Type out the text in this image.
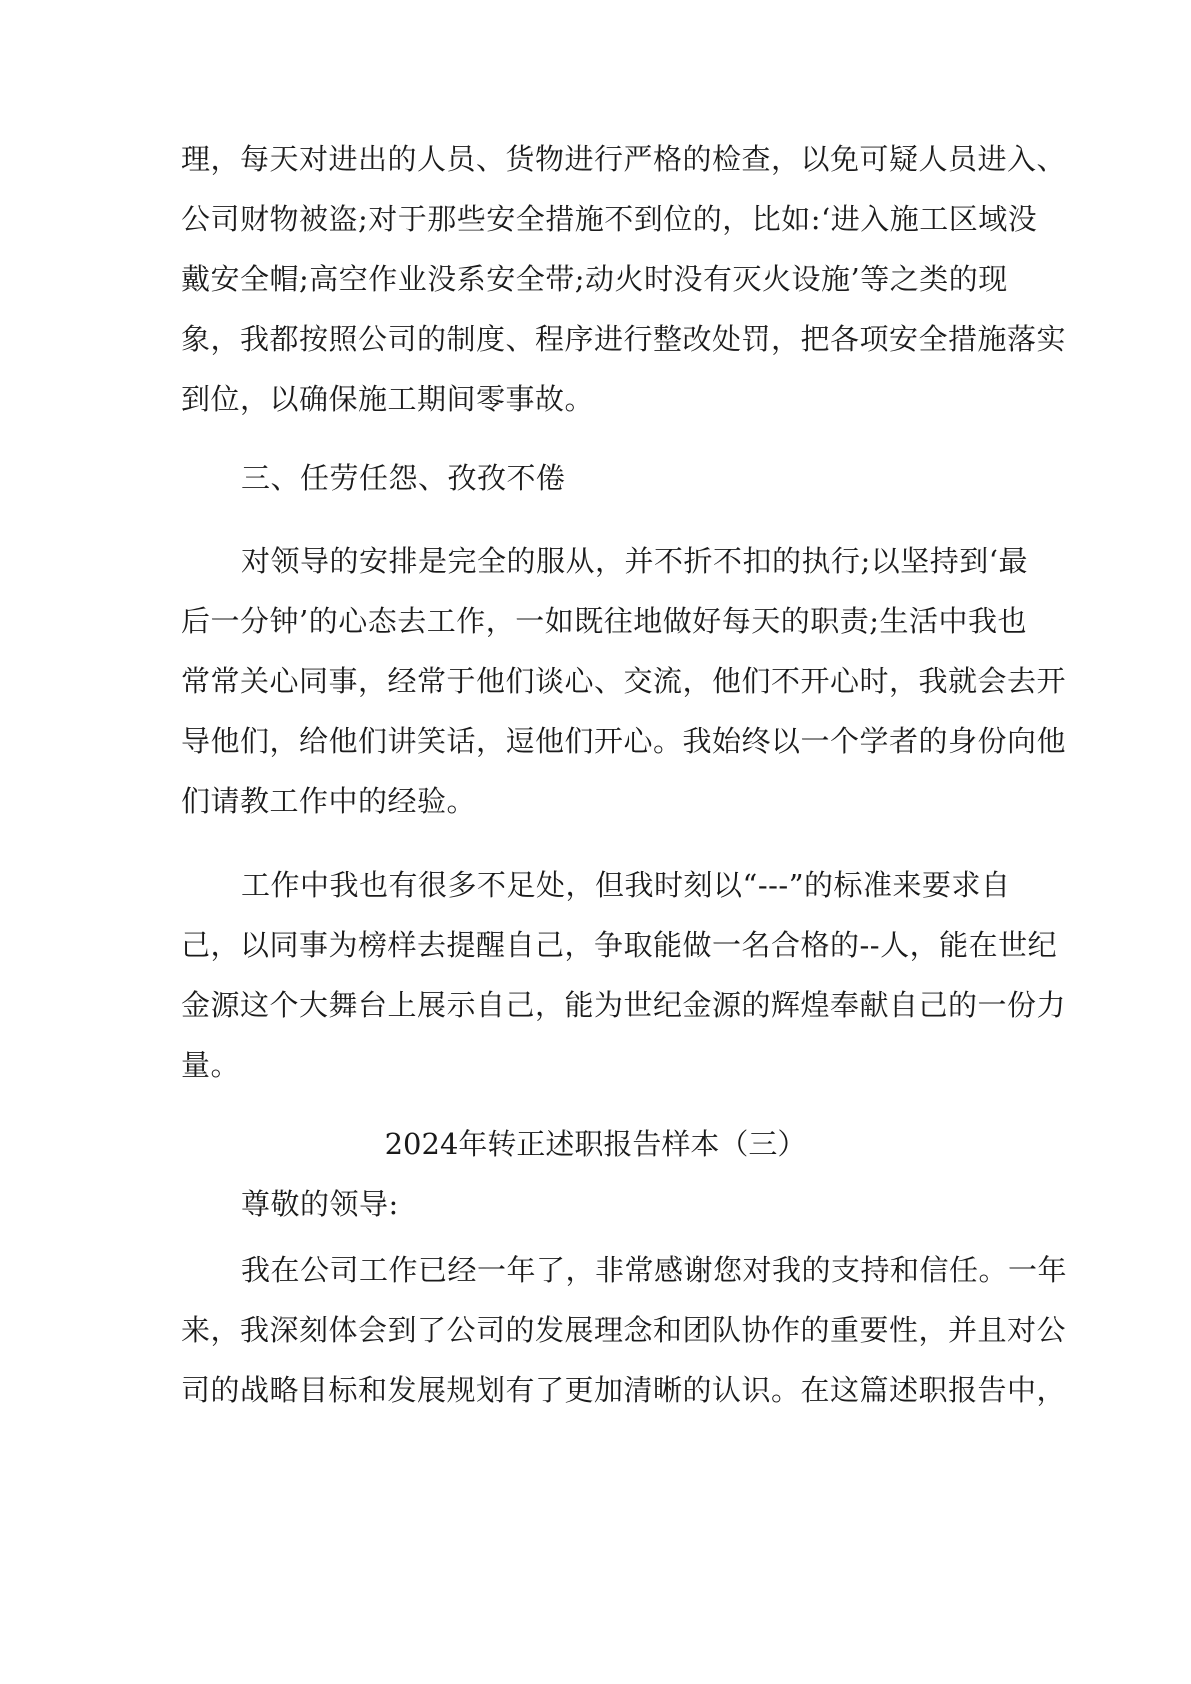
理，每天对进出的人员、货物进行严格的检查，以免可疑人员进入、
公司财物被盗;对于那些安全措施不到位的，比如:‘进入施工区域没
戴安全帽;高空作业没系安全带;动火时没有灭火设施’等之类的现
象，我都按照公司的制度、程序进行整改处罚，把各项安全措施落实
到位，以确保施工期间零事故。
三、任劳任怨、孜孜不倦
对领导的安排是完全的服从，并不折不扣的执行;以坚持到‘最
后一分钟’的心态去工作，一如既往地做好每天的职责;生活中我也
常常关心同事，经常于他们谈心、交流，他们不开心时，我就会去开
导他们，给他们讲笑话，逗他们开心。我始终以一个学者的身份向他
们请教工作中的经验。
工作中我也有很多不足处，但我时刻以“---”的标准来要求自
己，以同事为榜样去提醒自己，争取能做一名合格的--人，能在世纪
金源这个大舞台上展示自己，能为世纪金源的辉煌奉献自己的一份力
量。
2024年转正述职报告样本（三）
尊敬的领导:
我在公司工作已经一年了，非常感谢您对我的支持和信任。一年
来，我深刻体会到了公司的发展理念和团队协作的重要性，并且对公
司的战略目标和发展规划有了更加清晰的认识。在这篇述职报告中，
